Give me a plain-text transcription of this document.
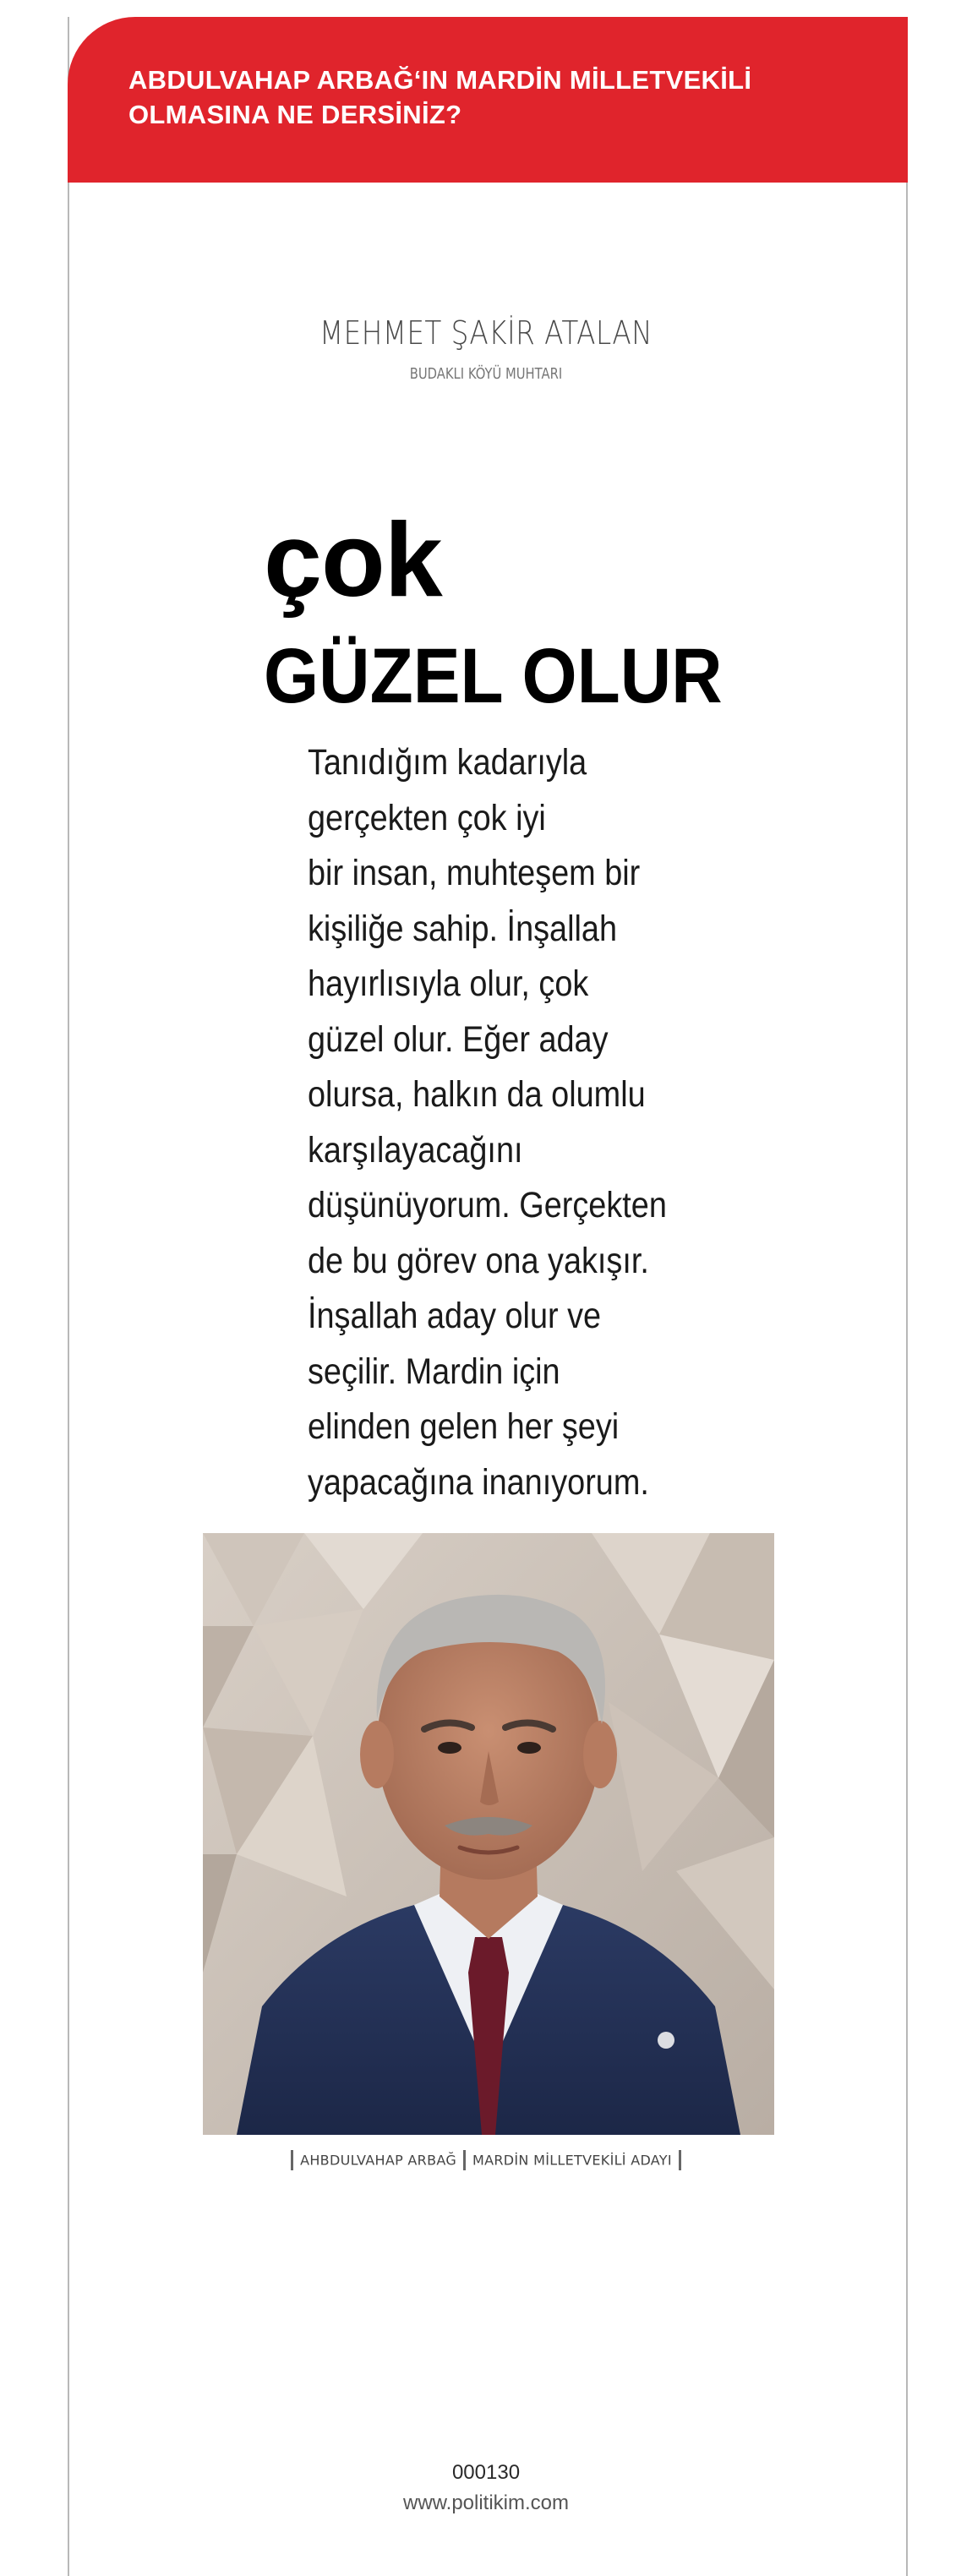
ABDULVAHAP ARBAĞ‘IN MARDİN MİLLETVEKİLİ OLMASINA NE DERSİNİZ?
MEHMET ŞAKİR ATALAN
BUDAKLI KÖYÜ MUHTARI
çok
GÜZEL OLUR
Tanıdığım kadarıyla
gerçekten çok iyi
bir insan, muhteşem bir
kişiliğe sahip. İnşallah
hayırlısıyla olur, çok
güzel olur. Eğer aday
olursa, halkın da olumlu
karşılayacağını
düşünüyorum. Gerçekten
de bu görev ona yakışır.
İnşallah aday olur ve
seçilir. Mardin için
elinden gelen her şeyi
yapacağına inanıyorum.
AHBDULVAHAP ARBAĞ MARDİN MİLLETVEKİLİ ADAYI
000130
www.politikim.com
